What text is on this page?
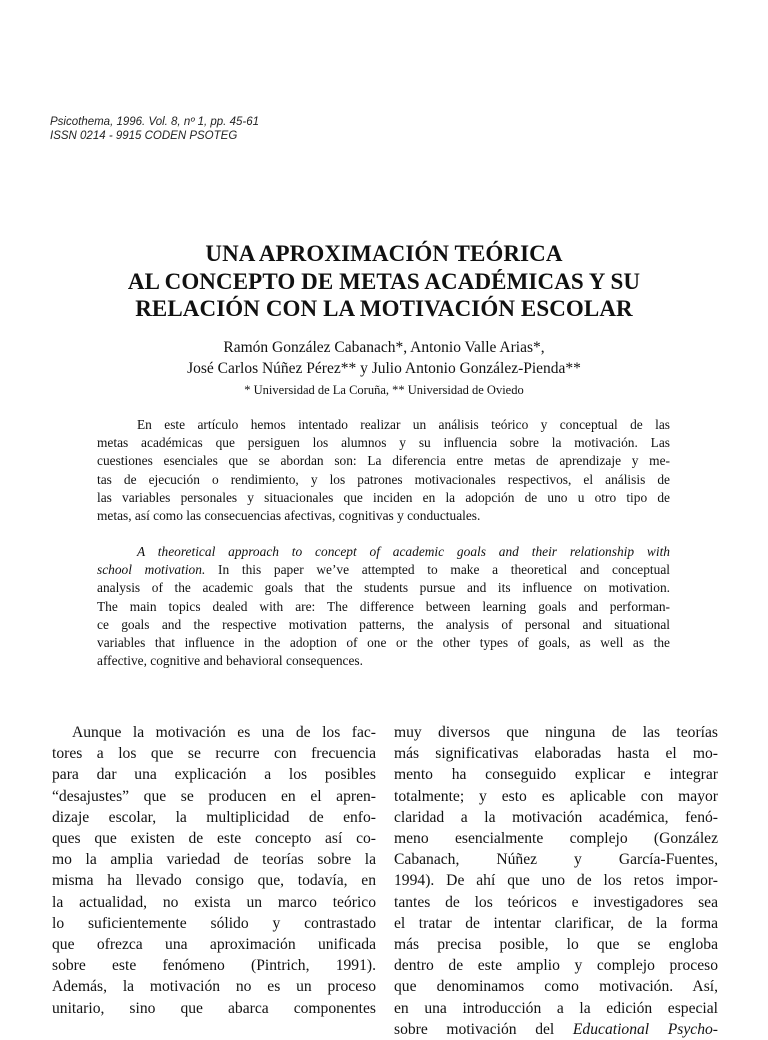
Psicothema, 1996. Vol. 8, nº 1, pp. 45-61
ISSN 0214 - 9915 CODEN PSOTEG
UNA APROXIMACIÓN TEÓRICA
AL CONCEPTO DE METAS ACADÉMICAS Y SU
RELACIÓN CON LA MOTIVACIÓN ESCOLAR
Ramón González Cabanach*, Antonio Valle Arias*,
José Carlos Núñez Pérez** y Julio Antonio González-Pienda**
* Universidad de La Coruña, ** Universidad de Oviedo
En este artículo hemos intentado realizar un análisis teórico y conceptual de las
metas académicas que persiguen los alumnos y su influencia sobre la motivación. Las
cuestiones esenciales que se abordan son: La diferencia entre metas de aprendizaje y me-
tas de ejecución o rendimiento, y los patrones motivacionales respectivos, el análisis de
las variables personales y situacionales que inciden en la adopción de uno u otro tipo de
metas, así como las consecuencias afectivas, cognitivas y conductuales.
A theoretical approach to concept of academic goals and their relationship with
school motivation. In this paper we’ve attempted to make a theoretical and conceptual
analysis of the academic goals that the students pursue and its influence on motivation.
The main topics dealed with are: The difference between learning goals and performan-
ce goals and the respective motivation patterns, the analysis of personal and situational
variables that influence in the adoption of one or the other types of goals, as well as the
affective, cognitive and behavioral consequences.
Aunque la motivación es una de los fac-
tores a los que se recurre con frecuencia
para dar una explicación a los posibles
“desajustes” que se producen en el apren-
dizaje escolar, la multiplicidad de enfo-
ques que existen de este concepto así co-
mo la amplia variedad de teorías sobre la
misma ha llevado consigo que, todavía, en
la actualidad, no exista un marco teórico
lo suficientemente sólido y contrastado
que ofrezca una aproximación unificada
sobre este fenómeno (Pintrich, 1991).
Además, la motivación no es un proceso
unitario, sino que abarca componentes
muy diversos que ninguna de las teorías
más significativas elaboradas hasta el mo-
mento ha conseguido explicar e integrar
totalmente; y esto es aplicable con mayor
claridad a la motivación académica, fenó-
meno esencialmente complejo (González
Cabanach, Núñez y García-Fuentes,
1994). De ahí que uno de los retos impor-
tantes de los teóricos e investigadores sea
el tratar de intentar clarificar, de la forma
más precisa posible, lo que se engloba
dentro de este amplio y complejo proceso
que denominamos como motivación. Así,
en una introducción a la edición especial
sobre motivación del Educational Psycho-
